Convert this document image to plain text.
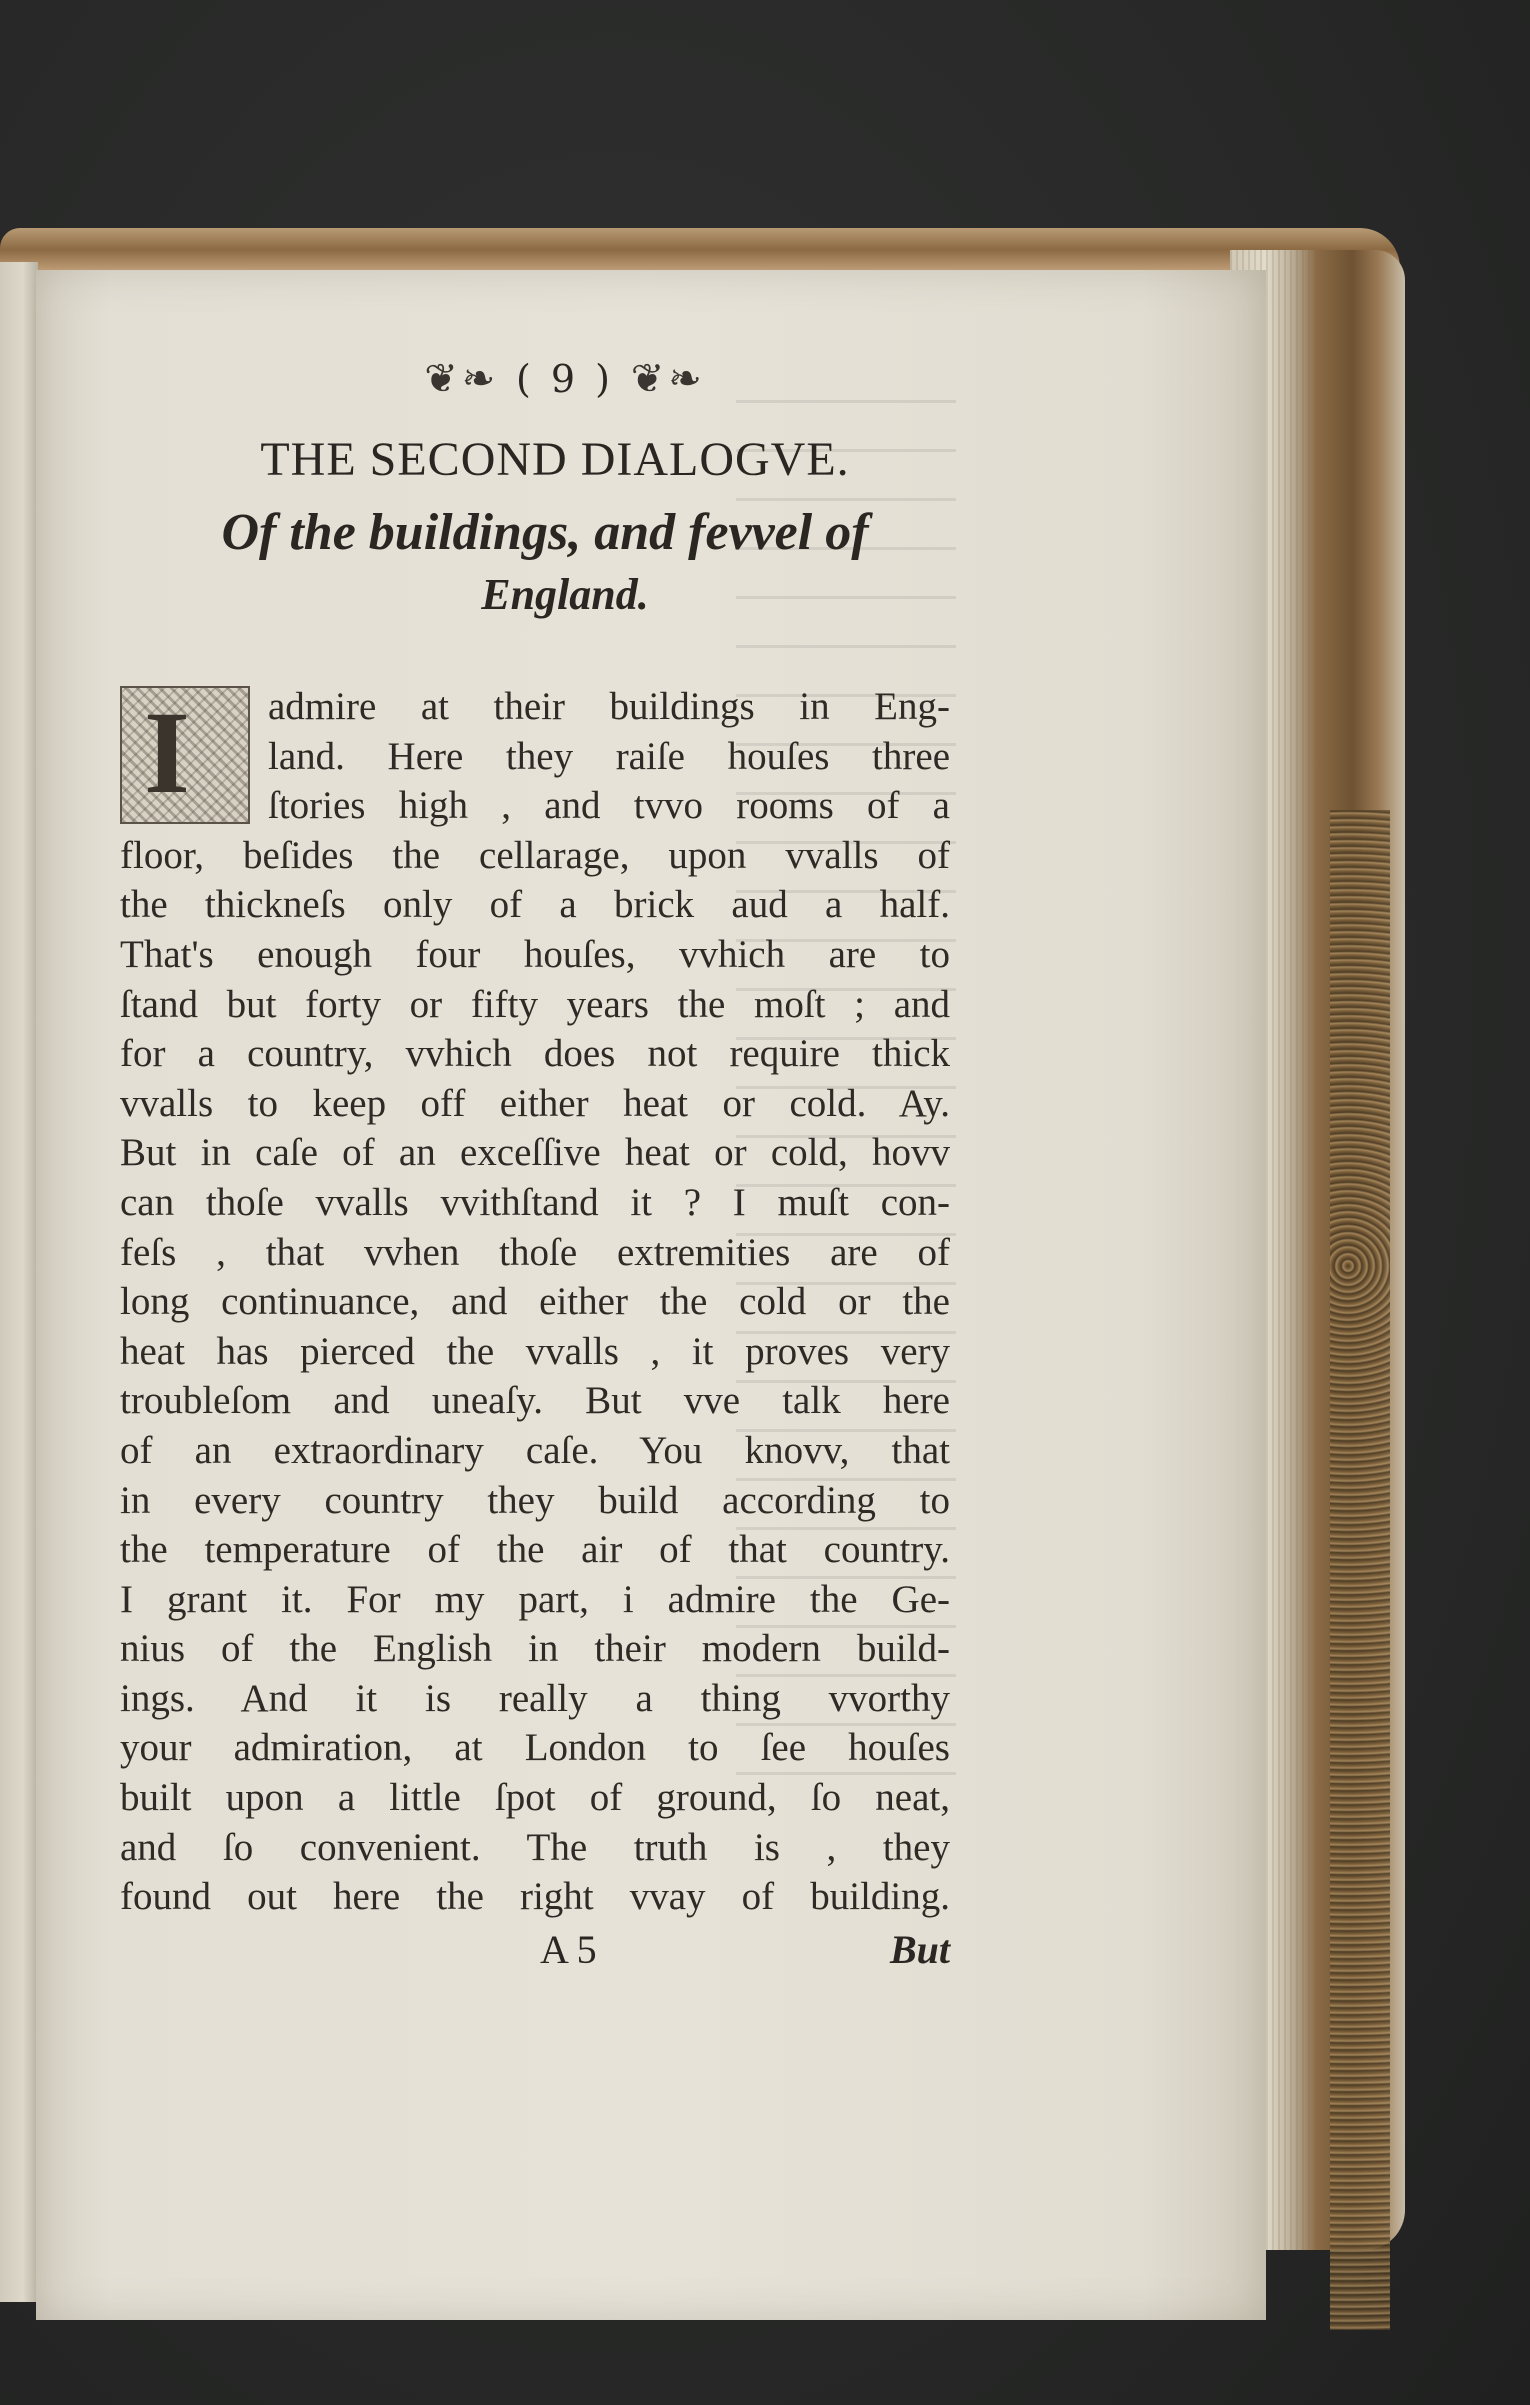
❦❧ ( 9 ) ❦❧
THE SECOND DIALOGVE.
Of the buildings, and fevvel of
England.
I	admire at their buildings in Eng-
land. Here they raiſe houſes three
ſtories high , and tvvo rooms of a
floor, beſides the cellarage, upon vvalls of
the thickneſs only of a brick aud a half.
That's enough four houſes, vvhich are to
ſtand but forty or fifty years the moſt ; and
for a country, vvhich does not require thick
vvalls to keep off either heat or cold. Ay.
But in caſe of an exceſſive heat or cold, hovv
can thoſe vvalls vvithſtand it ? I muſt con-
feſs , that vvhen thoſe extremities are of
long continuance, and either the cold or the
heat has pierced the vvalls , it proves very
troubleſom and uneaſy. But vve talk here
of an extraordinary caſe. You knovv, that
in every country they build according to
the temperature of the air of that country.
I grant it. For my part, i admire the Ge-
nius of the English in their modern build-
ings. And it is really a thing vvorthy
your admiration, at London to ſee houſes
built upon a little ſpot of ground, ſo neat,
and ſo convenient. The truth is , they
found out here the right vvay of building.
A 5	But
